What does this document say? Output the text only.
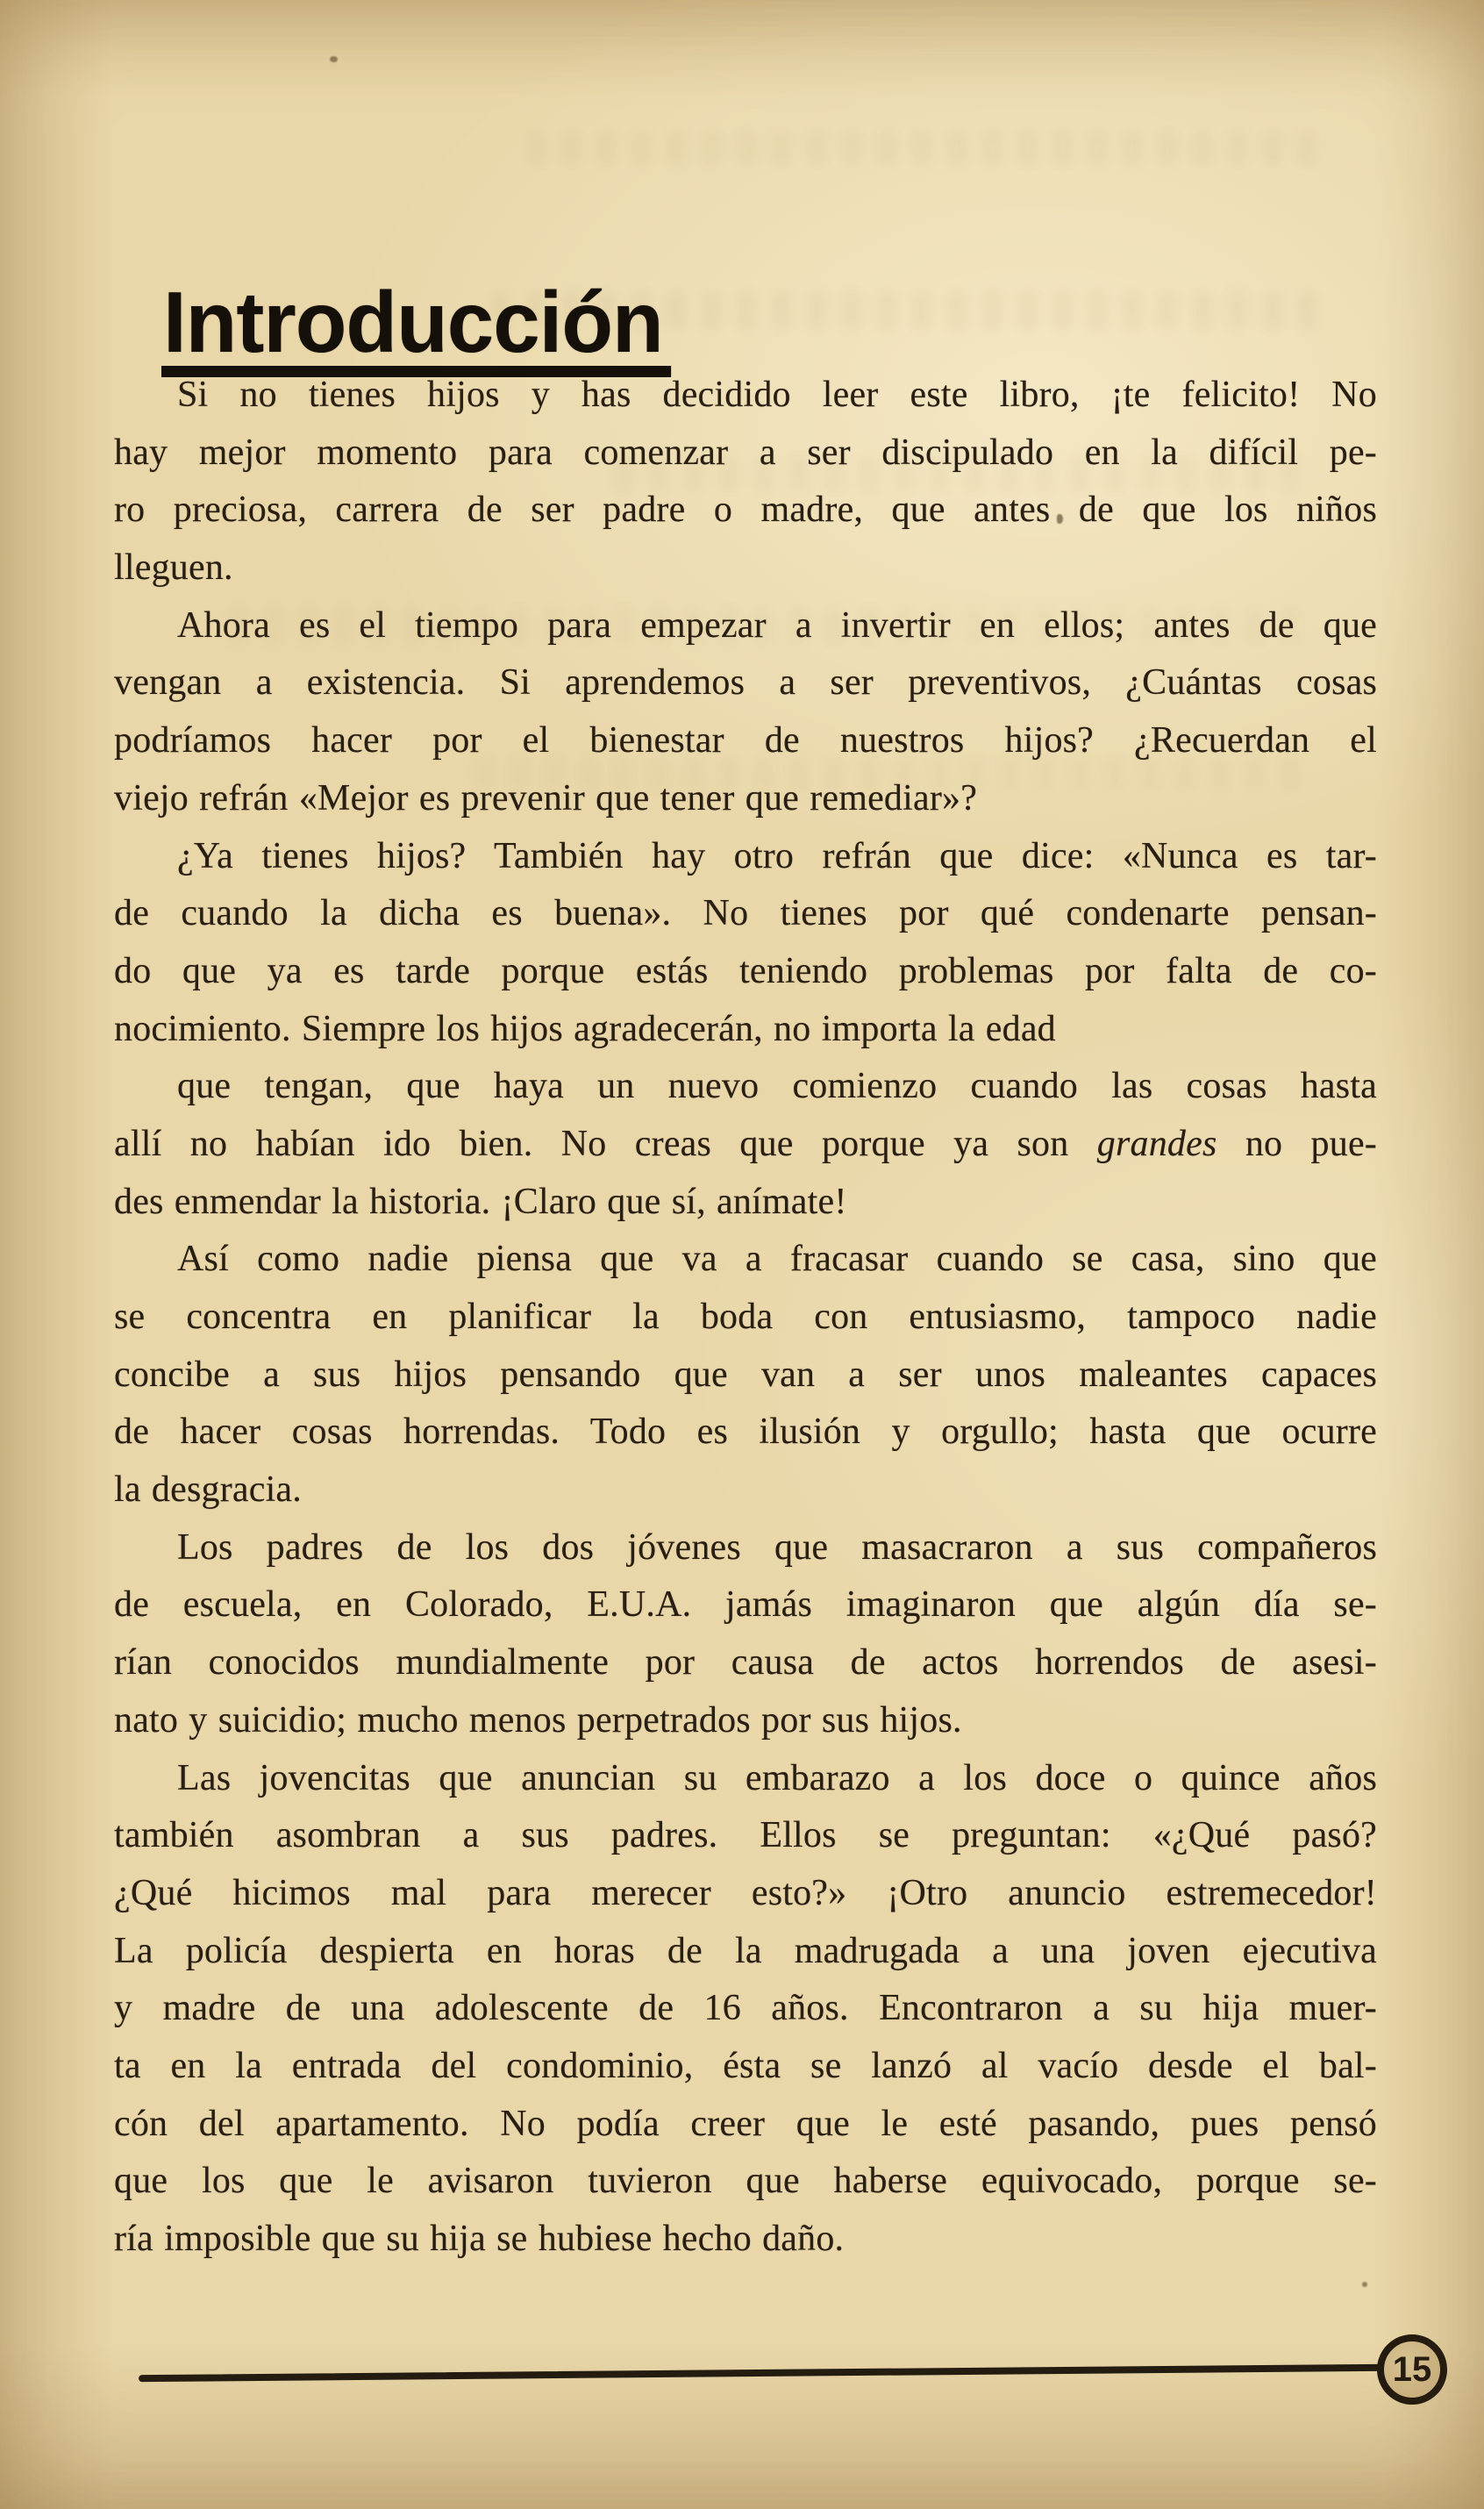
Introducción
Si no tienes hijos y has decidido leer este libro, ¡te felicito! No
hay mejor momento para comenzar a ser discipulado en la difícil pe-
ro preciosa, carrera de ser padre o madre, que antes de que los niños
lleguen.
Ahora es el tiempo para empezar a invertir en ellos; antes de que
vengan a existencia. Si aprendemos a ser preventivos, ¿Cuántas cosas
podríamos hacer por el bienestar de nuestros hijos? ¿Recuerdan el
viejo refrán «Mejor es prevenir que tener que remediar»?
¿Ya tienes hijos? También hay otro refrán que dice: «Nunca es tar-
de cuando la dicha es buena». No tienes por qué condenarte pensan-
do que ya es tarde porque estás teniendo problemas por falta de co-
nocimiento. Siempre los hijos agradecerán, no importa la edad
que tengan, que haya un nuevo comienzo cuando las cosas hasta
allí no habían ido bien. No creas que porque ya son grandes no pue-
des enmendar la historia. ¡Claro que sí, anímate!
Así como nadie piensa que va a fracasar cuando se casa, sino que
se concentra en planificar la boda con entusiasmo, tampoco nadie
concibe a sus hijos pensando que van a ser unos maleantes capaces
de hacer cosas horrendas. Todo es ilusión y orgullo; hasta que ocurre
la desgracia.
Los padres de los dos jóvenes que masacraron a sus compañeros
de escuela, en Colorado, E.U.A. jamás imaginaron que algún día se-
rían conocidos mundialmente por causa de actos horrendos de asesi-
nato y suicidio; mucho menos perpetrados por sus hijos.
Las jovencitas que anuncian su embarazo a los doce o quince años
también asombran a sus padres. Ellos se preguntan: «¿Qué pasó?
¿Qué hicimos mal para merecer esto?» ¡Otro anuncio estremecedor!
La policía despierta en horas de la madrugada a una joven ejecutiva
y madre de una adolescente de 16 años. Encontraron a su hija muer-
ta en la entrada del condominio, ésta se lanzó al vacío desde el bal-
cón del apartamento. No podía creer que le esté pasando, pues pensó
que los que le avisaron tuvieron que haberse equivocado, porque se-
ría imposible que su hija se hubiese hecho daño.
15
